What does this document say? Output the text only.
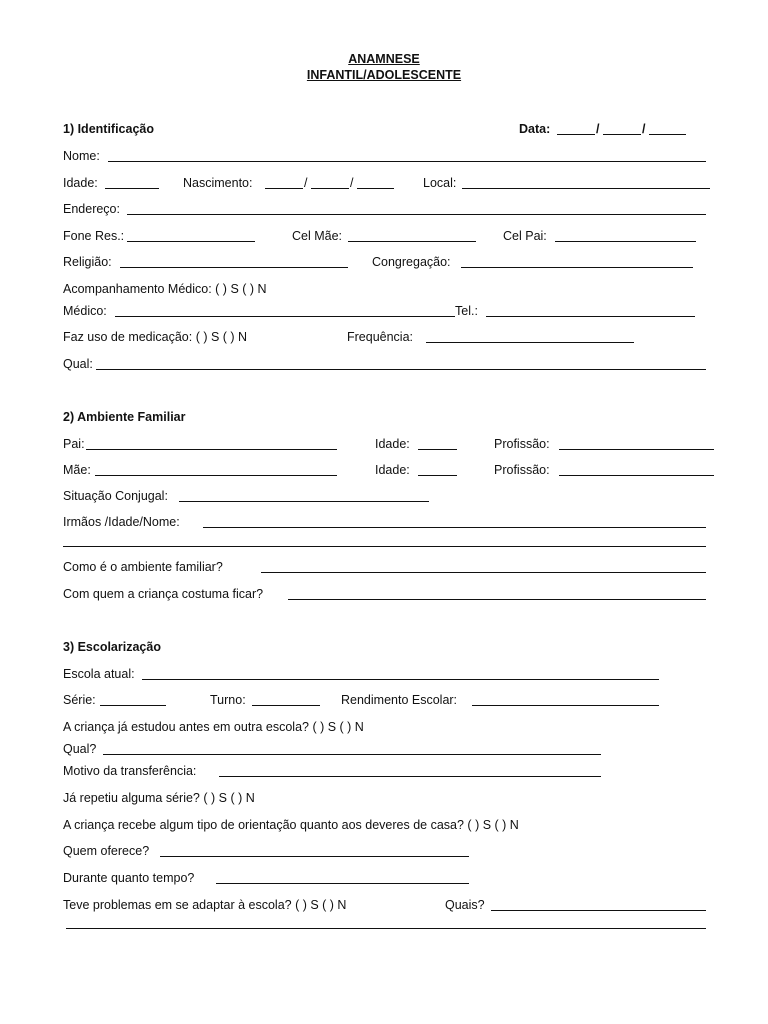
ANAMNESE
INFANTIL/ADOLESCENTE
1) Identificação	Data:	/	/
Nome:
Idade:	Nascimento:	/	/	Local:
Endereço:
Fone Res.:	Cel Mãe:	Cel Pai:
Religião:	Congregação:
Acompanhamento Médico: ( ) S ( ) N
Médico:	Tel.:
Faz uso de medicação: ( ) S ( ) N	Frequência:
Qual:
2) Ambiente Familiar
Pai:	Idade:	Profissão:
Mãe:	Idade:	Profissão:
Situação Conjugal:
Irmãos /Idade/Nome:
Como é o ambiente familiar?
Com quem a criança costuma ficar?
3) Escolarização
Escola atual:
Série:	Turno:	Rendimento Escolar:
A criança já estudou antes em outra escola? ( ) S ( ) N
Qual?
Motivo da transferência:
Já repetiu alguma série? ( ) S ( ) N
A criança recebe algum tipo de orientação quanto aos deveres de casa? ( ) S ( ) N
Quem oferece?
Durante quanto tempo?
Teve problemas em se adaptar à escola? ( ) S ( ) N	Quais?
